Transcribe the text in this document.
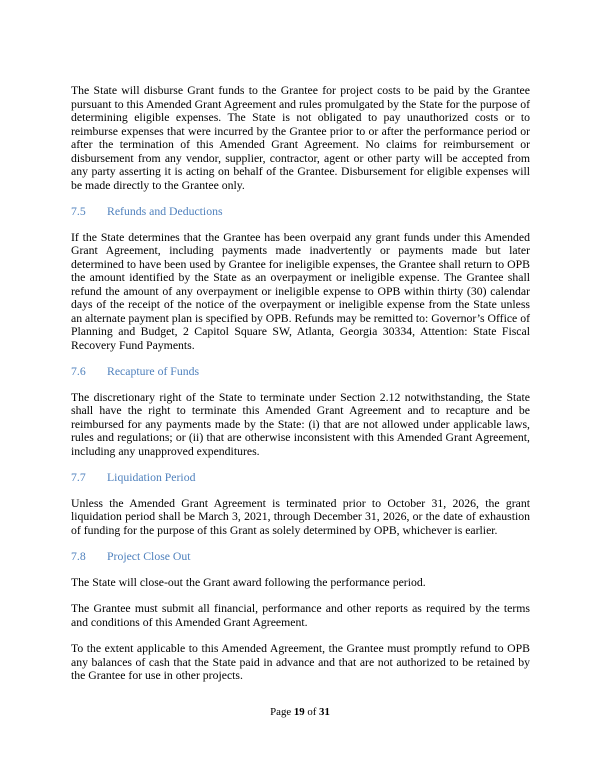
The State will disburse Grant funds to the Grantee for project costs to be paid by the Grantee pursuant to this Amended Grant Agreement and rules promulgated by the State for the purpose of determining eligible expenses. The State is not obligated to pay unauthorized costs or to reimburse expenses that were incurred by the Grantee prior to or after the performance period or after the termination of this Amended Grant Agreement. No claims for reimbursement or disbursement from any vendor, supplier, contractor, agent or other party will be accepted from any party asserting it is acting on behalf of the Grantee. Disbursement for eligible expenses will be made directly to the Grantee only.

7.5 Refunds and Deductions

If the State determines that the Grantee has been overpaid any grant funds under this Amended Grant Agreement, including payments made inadvertently or payments made but later determined to have been used by Grantee for ineligible expenses, the Grantee shall return to OPB the amount identified by the State as an overpayment or ineligible expense. The Grantee shall refund the amount of any overpayment or ineligible expense to OPB within thirty (30) calendar days of the receipt of the notice of the overpayment or ineligible expense from the State unless an alternate payment plan is specified by OPB. Refunds may be remitted to: Governor’s Office of Planning and Budget, 2 Capitol Square SW, Atlanta, Georgia 30334, Attention: State Fiscal Recovery Fund Payments.

7.6 Recapture of Funds

The discretionary right of the State to terminate under Section 2.12 notwithstanding, the State shall have the right to terminate this Amended Grant Agreement and to recapture and be reimbursed for any payments made by the State: (i) that are not allowed under applicable laws, rules and regulations; or (ii) that are otherwise inconsistent with this Amended Grant Agreement, including any unapproved expenditures.

7.7 Liquidation Period

Unless the Amended Grant Agreement is terminated prior to October 31, 2026, the grant liquidation period shall be March 3, 2021, through December 31, 2026, or the date of exhaustion of funding for the purpose of this Grant as solely determined by OPB, whichever is earlier.

7.8 Project Close Out

The State will close-out the Grant award following the performance period.

The Grantee must submit all financial, performance and other reports as required by the terms and conditions of this Amended Grant Agreement.

To the extent applicable to this Amended Agreement, the Grantee must promptly refund to OPB any balances of cash that the State paid in advance and that are not authorized to be retained by the Grantee for use in other projects.

Page 19 of 31
